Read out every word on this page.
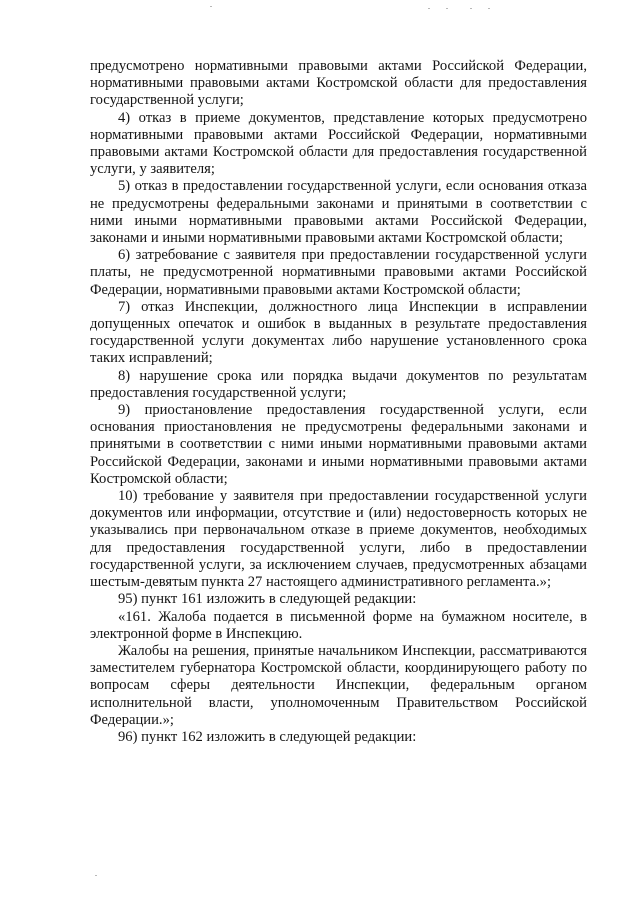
предусмотрено нормативными правовыми актами Российской Федерации, нормативными правовыми актами Костромской области для предоставления государственной услуги;

4) отказ в приеме документов, представление которых предусмотрено нормативными правовыми актами Российской Федерации, нормативными правовыми актами Костромской области для предоставления государственной услуги, у заявителя;

5) отказ в предоставлении государственной услуги, если основания отказа не предусмотрены федеральными законами и принятыми в соответствии с ними иными нормативными правовыми актами Российской Федерации, законами и иными нормативными правовыми актами Костромской области;

6) затребование с заявителя при предоставлении государственной услуги платы, не предусмотренной нормативными правовыми актами Российской Федерации, нормативными правовыми актами Костромской области;

7) отказ Инспекции, должностного лица Инспекции в исправлении допущенных опечаток и ошибок в выданных в результате предоставления государственной услуги документах либо нарушение установленного срока таких исправлений;

8) нарушение срока или порядка выдачи документов по результатам предоставления государственной услуги;

9) приостановление предоставления государственной услуги, если основания приостановления не предусмотрены федеральными законами и принятыми в соответствии с ними иными нормативными правовыми актами Российской Федерации, законами и иными нормативными правовыми актами Костромской области;

10) требование у заявителя при предоставлении государственной услуги документов или информации, отсутствие и (или) недостоверность которых не указывались при первоначальном отказе в приеме документов, необходимых для предоставления государственной услуги, либо в предоставлении государственной услуги, за исключением случаев, предусмотренных абзацами шестым-девятым пункта 27 настоящего административного регламента.»;

95) пункт 161 изложить в следующей редакции:

«161. Жалоба подается в письменной форме на бумажном носителе, в электронной форме в Инспекцию.

Жалобы на решения, принятые начальником Инспекции, рассматриваются заместителем губернатора Костромской области, координирующего работу по вопросам сферы деятельности Инспекции, федеральным органом исполнительной власти, уполномоченным Правительством Российской Федерации.»;

96) пункт 162 изложить в следующей редакции:
